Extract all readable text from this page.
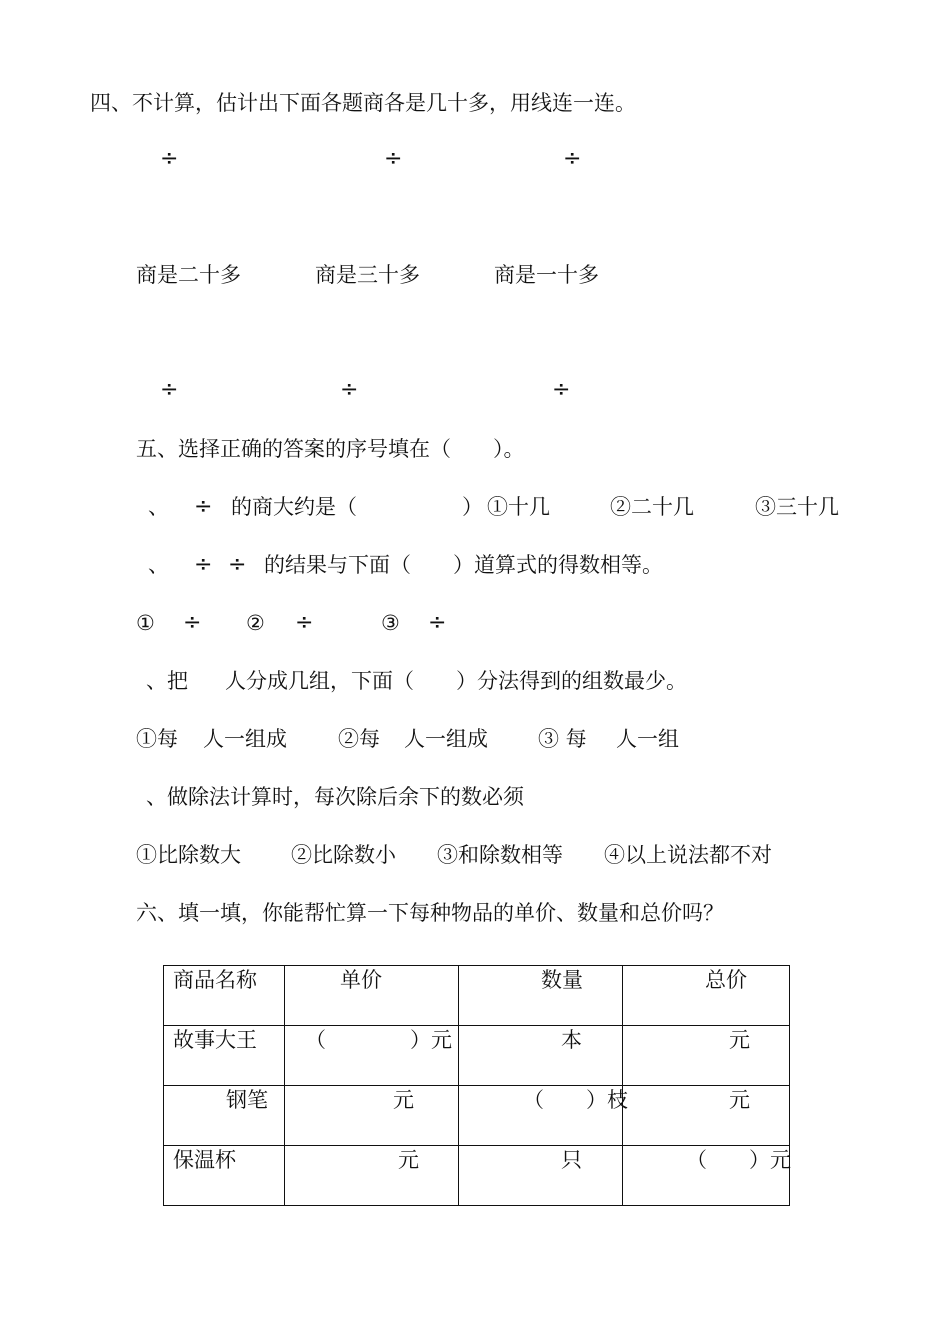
四、不计算，估计出下面各题商各是几十多，用线连一连。
÷	÷	÷
商是二十多	商是三十多	商是一十多
÷	÷	÷
五、选择正确的答案的序号填在（　　）。
、 ÷ 的商大约是（　　　　　） ①十几	②二十几	③三十几
、 ÷ ÷ 的结果与下面（　　）道算式的得数相等。
① ÷ ② ÷	③ ÷
、把 人分成几组，下面（　　）分法得到的组数最少。
①每 人一组成 ②每 人一组成 ③ 每 人一组
、做除法计算时，每次除后余下的数必须
①比除数大 ②比除数小 ③和除数相等 ④以上说法都不对
六、填一填，你能帮忙算一下每种物品的单价、数量和总价吗？
商品名称	单价	数量	总价

故事大王	（　　　　）元	本	元

钢笔	元	（　　）枝	元

保温杯	元	只	（　　）元
